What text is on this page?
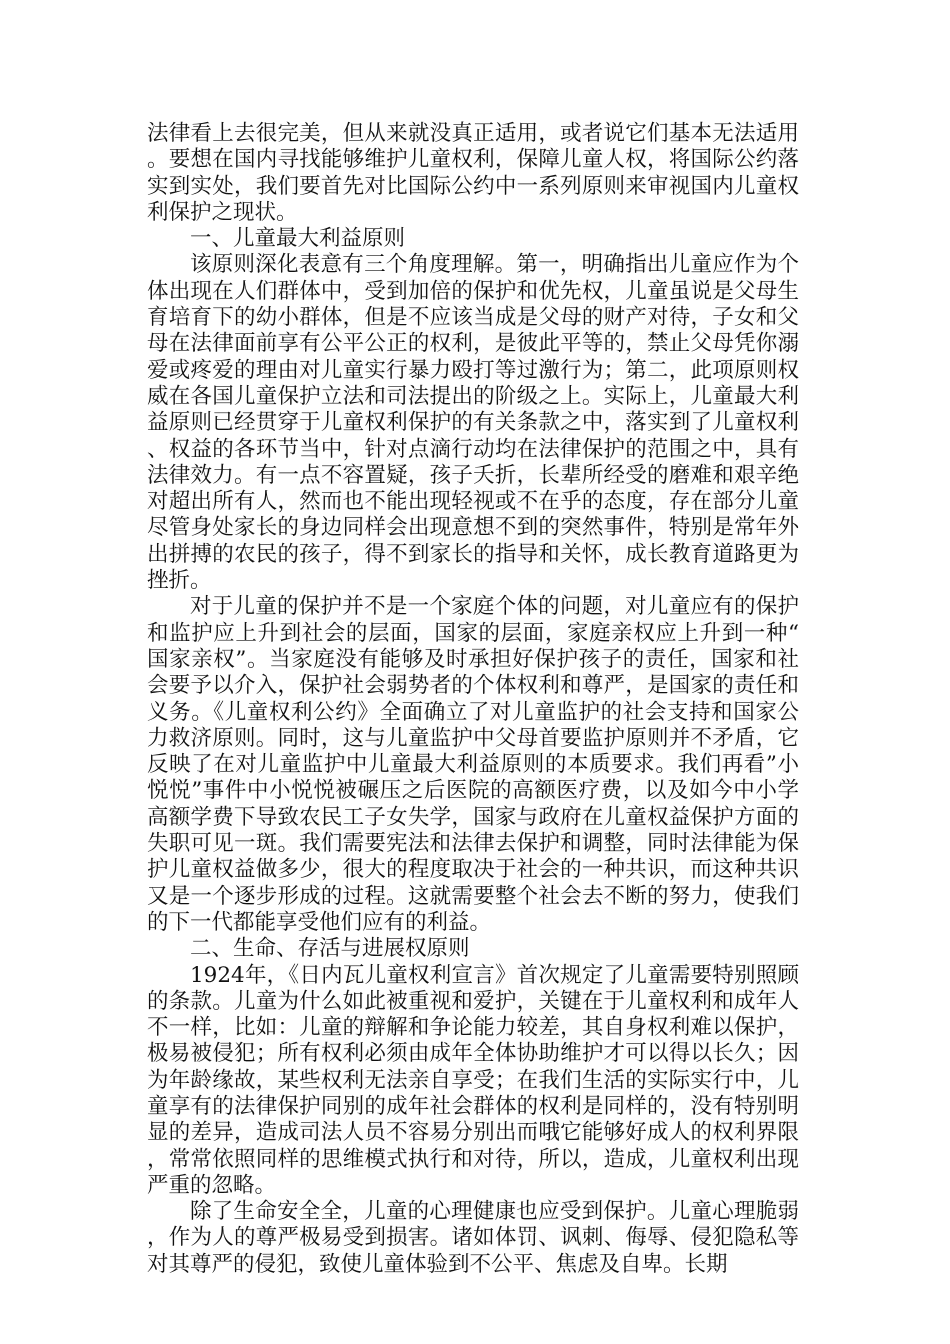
法律看上去很完美，但从来就没真正适用，或者说它们基本无法适用。要想在国内寻找能够维护儿童权利，保障儿童人权，将国际公约落实到实处，我们要首先对比国际公约中一系列原则来审视国内儿童权利保护之现状。

一、儿童最大利益原则

该原则深化表意有三个角度理解。第一，明确指出儿童应作为个体出现在人们群体中，受到加倍的保护和优先权，儿童虽说是父母生育培育下的幼小群体，但是不应该当成是父母的财产对待，子女和父母在法律面前享有公平公正的权利，是彼此平等的，禁止父母凭你溺爱或疼爱的理由对儿童实行暴力殴打等过激行为；第二，此项原则权威在各国儿童保护立法和司法提出的阶级之上。实际上，儿童最大利益原则已经贯穿于儿童权利保护的有关条款之中，落实到了儿童权利、权益的各环节当中，针对点滴行动均在法律保护的范围之中，具有法律效力。有一点不容置疑，孩子夭折，长辈所经受的磨难和艰辛绝对超出所有人，然而也不能出现轻视或不在乎的态度，存在部分儿童尽管身处家长的身边同样会出现意想不到的突然事件，特别是常年外出拼搏的农民的孩子，得不到家长的指导和关怀，成长教育道路更为挫折。

对于儿童的保护并不是一个家庭个体的问题，对儿童应有的保护和监护应上升到社会的层面，国家的层面，家庭亲权应上升到一种“国家亲权”。当家庭没有能够及时承担好保护孩子的责任，国家和社会要予以介入，保护社会弱势者的个体权利和尊严，是国家的责任和义务。《儿童权利公约》全面确立了对儿童监护的社会支持和国家公力救济原则。同时，这与儿童监护中父母首要监护原则并不矛盾，它反映了在对儿童监护中儿童最大利益原则的本质要求。我们再看”小悦悦”事件中小悦悦被碾压之后医院的高额医疗费，以及如今中小学高额学费下导致农民工子女失学，国家与政府在儿童权益保护方面的失职可见一斑。我们需要宪法和法律去保护和调整，同时法律能为保护儿童权益做多少，很大的程度取决于社会的一种共识，而这种共识又是一个逐步形成的过程。这就需要整个社会去不断的努力，使我们的下一代都能享受他们应有的利益。

二、生命、存活与进展权原则

1924年，《日内瓦儿童权利宣言》首次规定了儿童需要特别照顾的条款。儿童为什么如此被重视和爱护，关键在于儿童权利和成年人不一样，比如：儿童的辩解和争论能力较差，其自身权利难以保护，极易被侵犯；所有权利必须由成年全体协助维护才可以得以长久；因为年龄缘故，某些权利无法亲自享受；在我们生活的实际实行中，儿童享有的法律保护同别的成年社会群体的权利是同样的，没有特别明显的差异，造成司法人员不容易分别出而哦它能够好成人的权利界限，常常依照同样的思维模式执行和对待，所以，造成，儿童权利出现严重的忽略。

除了生命安全全，儿童的心理健康也应受到保护。儿童心理脆弱，作为人的尊严极易受到损害。诸如体罚、讽刺、侮辱、侵犯隐私等对其尊严的侵犯，致使儿童体验到不公平、焦虑及自卑。长期
